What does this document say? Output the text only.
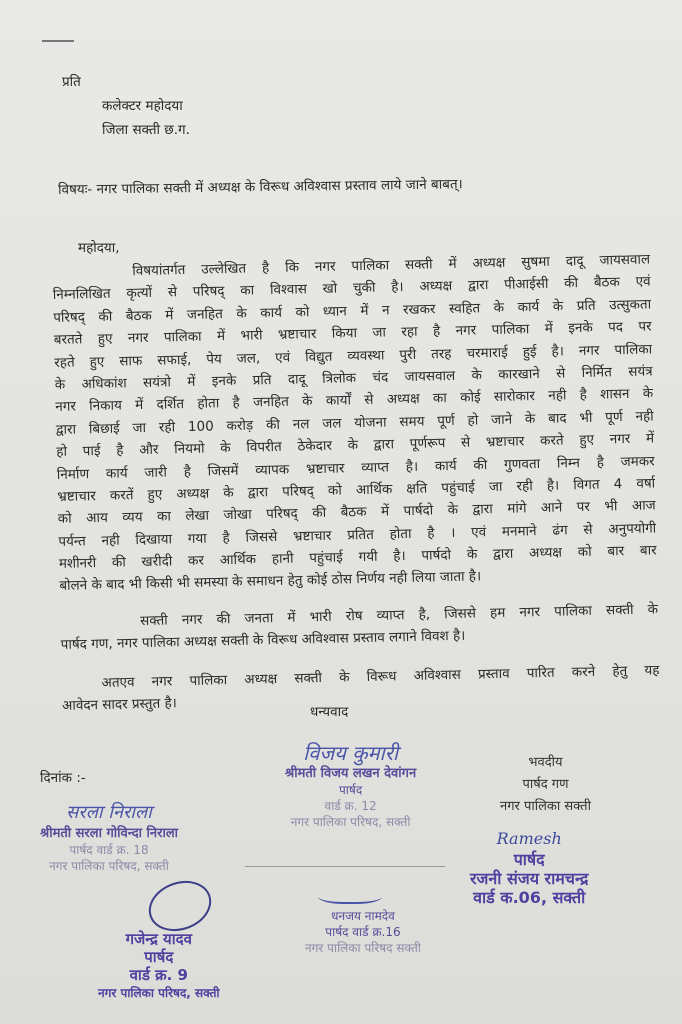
प्रति
कलेक्टर महोदया
जिला सक्ती छ.ग.
विषयः- नगर पालिका सक्ती में अध्यक्ष के विरूध अविश्वास प्रस्ताव लाये जाने बाबत्।
महोदया,
विषयांतर्गत उल्लेखित है कि नगर पालिका सक्ती में अध्यक्ष सुषमा दादू जायसवाल
निम्नलिखित कृत्यों से परिषद् का विश्वास खो चुकी है। अध्यक्ष द्वारा पीआईसी की बैठक एवं
परिषद् की बैठक में जनहित के कार्य को ध्यान में न रखकर स्वहित के कार्य के प्रति उत्सुकता
बरतते हुए नगर पालिका में भारी भ्रष्टाचार किया जा रहा है नगर पालिका में इनके पद पर
रहते हुए साफ सफाई, पेय जल, एवं विद्युत व्यवस्था पुरी तरह चरमाराई हुई है। नगर पालिका
के अधिकांश सयंत्रो में इनके प्रति दादू त्रिलोक चंद जायसवाल के कारखाने से निर्मित सयंत्र
नगर निकाय में दर्शित होता है जनहित के कार्यों से अध्यक्ष का कोई सारोकार नही है शासन के
द्वारा बिछाई जा रही 100 करोड़ की नल जल योजना समय पूर्ण हो जाने के बाद भी पूर्ण नही
हो पाई है और नियमो के विपरीत ठेकेदार के द्वारा पूर्णरूप से भ्रष्टाचार करते हुए नगर में
निर्माण कार्य जारी है जिसमें व्यापक भ्रष्टाचार व्याप्त है। कार्य की गुणवता निम्न है जमकर
भ्रष्टाचार करतें हुए अध्यक्ष के द्वारा परिषद् को आर्थिक क्षति पहुंचाई जा रही है। विगत 4 वर्षा
को आय व्यय का लेखा जोखा परिषद् की बैठक में पार्षदो के द्वारा मांगे आने पर भी आज
पर्यन्त नही दिखाया गया है जिससे भ्रष्टाचार प्रतित होता है । एवं मनमाने ढंग से अनुपयोगी
मशीनरी की खरीदी कर आर्थिक हानी पहुंचाई गयी है। पार्षदो के द्वारा अध्यक्ष को बार बार
बोलने के बाद भी किसी भी समस्या के समाधन हेतु कोई ठोस निर्णय नही लिया जाता है।
सक्ती नगर की जनता में भारी रोष व्याप्त है, जिससे हम नगर पालिका सक्ती के
पार्षद गण, नगर पालिका अध्यक्ष सक्ती के विरूध अविश्वास प्रस्ताव लगाने विवश है।
अतएव नगर पालिका अध्यक्ष सक्ती के विरूध अविश्वास प्रस्ताव पारित करने हेतु यह
आवेदन सादर प्रस्तुत है।	धन्यवाद
दिनांक :-
भवदीय
पार्षद गण
नगर पालिका सक्ती
विजय कुमारी
श्रीमती विजय लखन देवांगन
पार्षद
वार्ड क्र. 12
नगर पालिका परिषद, सक्ती
सरला निराला
श्रीमती सरला गोविन्दा निराला
पार्षद वार्ड क्र. 18
नगर पालिका परिषद, सक्ती
Ramesh
पार्षद
रजनी संजय रामचन्द्र
वार्ड क.06, सक्ती
गजेन्द्र यादव
पार्षद
वार्ड क्र. 9
नगर पालिका परिषद, सक्ती
धनजय नामदेव
पार्षद वार्ड क्र.16
नगर पालिका परिषद सक्ती
